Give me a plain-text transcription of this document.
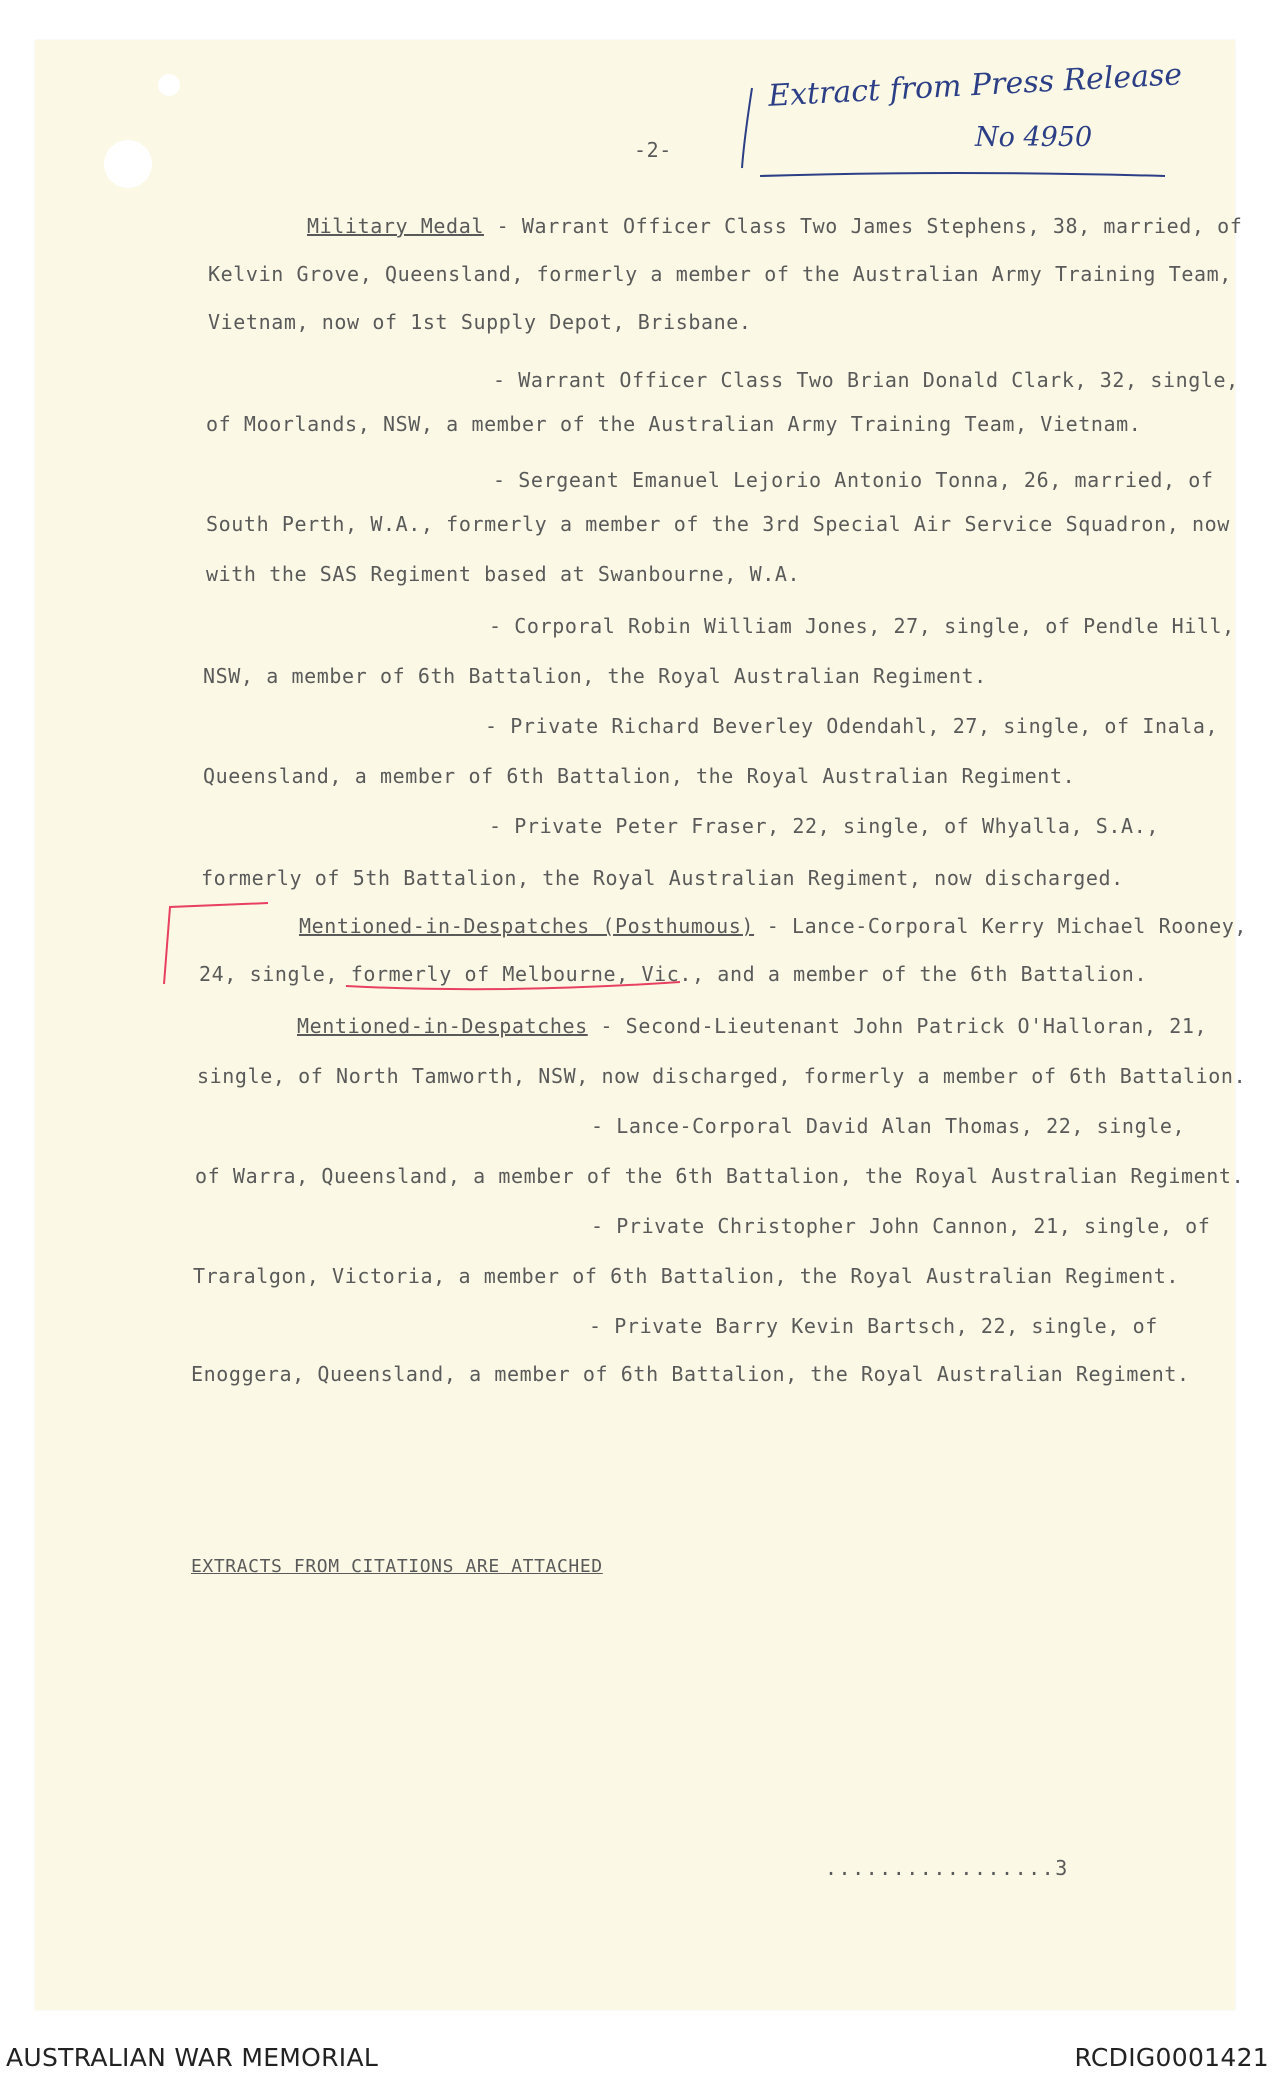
-2-
Extract from Press Release
No 4950
Military Medal - Warrant Officer Class Two James Stephens, 38, married, of
Kelvin Grove, Queensland, formerly a member of the Australian Army Training Team,
Vietnam, now of 1st Supply Depot, Brisbane.
- Warrant Officer Class Two Brian Donald Clark, 32, single,
of Moorlands, NSW, a member of the Australian Army Training Team, Vietnam.
- Sergeant Emanuel Lejorio Antonio Tonna, 26, married, of
South Perth, W.A., formerly a member of the 3rd Special Air Service Squadron, now
with the SAS Regiment based at Swanbourne, W.A.
- Corporal Robin William Jones, 27, single, of Pendle Hill,
NSW, a member of 6th Battalion, the Royal Australian Regiment.
- Private Richard Beverley Odendahl, 27, single, of Inala,
Queensland, a member of 6th Battalion, the Royal Australian Regiment.
- Private Peter Fraser, 22, single, of Whyalla, S.A.,
formerly of 5th Battalion, the Royal Australian Regiment, now discharged.
Mentioned-in-Despatches (Posthumous) - Lance-Corporal Kerry Michael Rooney,
24, single, formerly of Melbourne, Vic., and a member of the 6th Battalion.
Mentioned-in-Despatches - Second-Lieutenant John Patrick O'Halloran, 21,
single, of North Tamworth, NSW, now discharged, formerly a member of 6th Battalion.
- Lance-Corporal David Alan Thomas, 22, single,
of Warra, Queensland, a member of the 6th Battalion, the Royal Australian Regiment.
- Private Christopher John Cannon, 21, single, of
Traralgon, Victoria, a member of 6th Battalion, the Royal Australian Regiment.
- Private Barry Kevin Bartsch, 22, single, of
Enoggera, Queensland, a member of 6th Battalion, the Royal Australian Regiment.
EXTRACTS FROM CITATIONS ARE ATTACHED
.................3
AUSTRALIAN WAR MEMORIAL	RCDIG0001421
